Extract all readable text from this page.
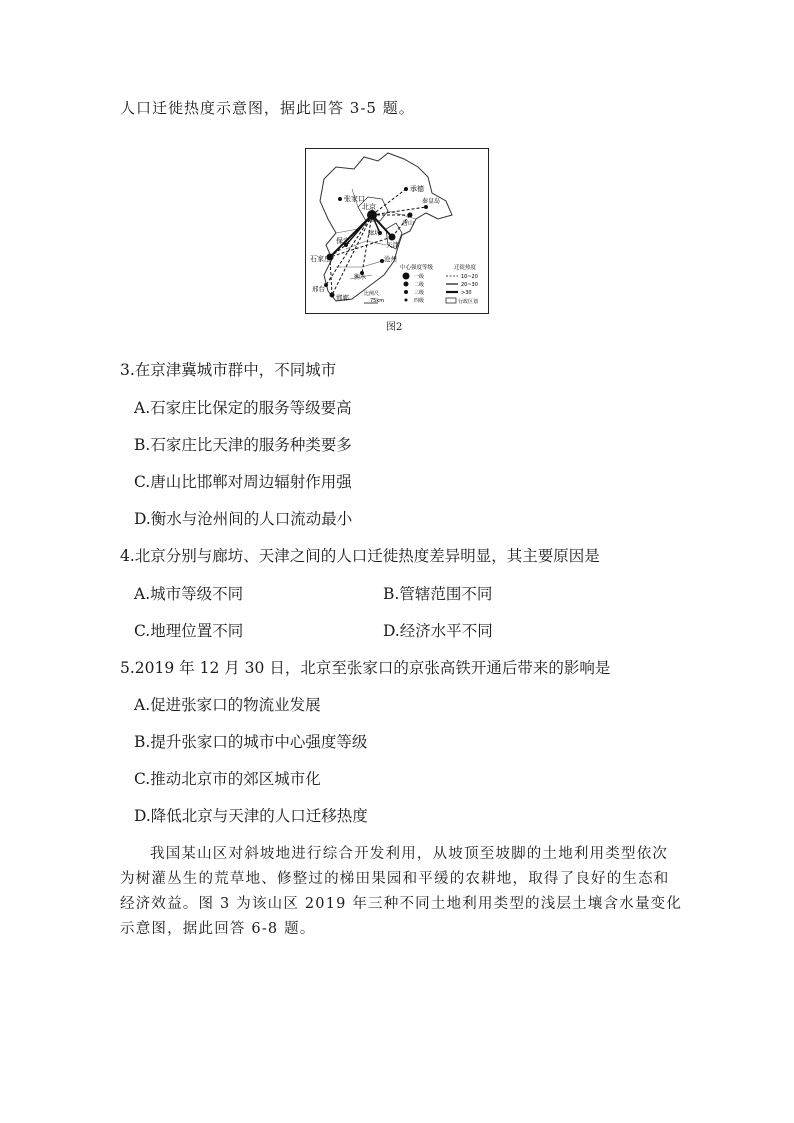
人口迁徙热度示意图，据此回答 3-5 题。
张家口
承德
北京
秦皇岛
唐山
廊坊
天津
保定
石家庄	沧州
衡水
邢台
邯郸
中心强度等级	迁徙热度
一级
二级
三级
四级
10~20
20~30
>30
行政区划
比例尺
75km
图2
3.在京津冀城市群中，不同城市
A.石家庄比保定的服务等级要高
B.石家庄比天津的服务种类要多
C.唐山比邯郸对周边辐射作用强
D.衡水与沧州间的人口流动最小
4.北京分别与廊坊、天津之间的人口迁徙热度差异明显，其主要原因是
A.城市等级不同	B.管辖范围不同
C.地理位置不同	D.经济水平不同
5.2019 年 12 月 30 日，北京至张家口的京张高铁开通后带来的影响是
A.促进张家口的物流业发展
B.提升张家口的城市中心强度等级
C.推动北京市的郊区城市化
D.降低北京与天津的人口迁移热度
我国某山区对斜坡地进行综合开发利用，从坡顶至坡脚的土地利用类型依次
为树灌丛生的荒草地、修整过的梯田果园和平缓的农耕地，取得了良好的生态和
经济效益。图 3 为该山区 2019 年三种不同土地利用类型的浅层土壤含水量变化
示意图，据此回答 6-8 题。
